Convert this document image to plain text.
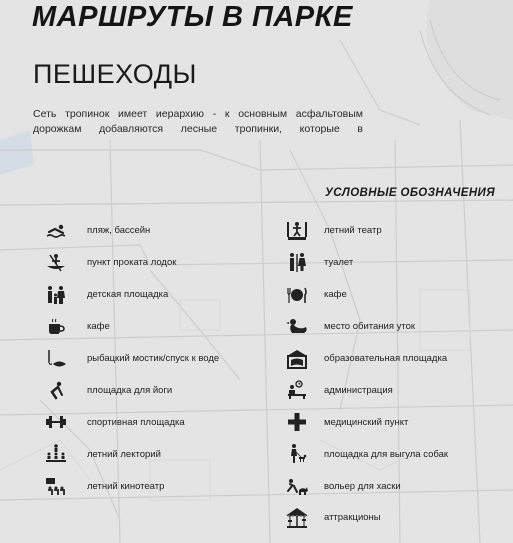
МАРШРУТЫ В ПАРКЕ
ПЕШЕХОДЫ

Сеть тропинок имеет иерархию - к основным асфальтовым дорожкам добавляются лесные тропинки, которые в

УСЛОВНЫЕ ОБОЗНАЧЕНИЯ
пляж, бассейн
пункт проката лодок
детская площадка
кафе
рыбацкий мостик/спуск к воде
площадка для йоги
спортивная площадка
летний лекторий
летний кинотеатр
летний театр
туалет
кафе
место обитания уток
образовательная площадка
администрация
медицинский пункт
площадка для выгула собак
вольер для хаски
аттракционы
